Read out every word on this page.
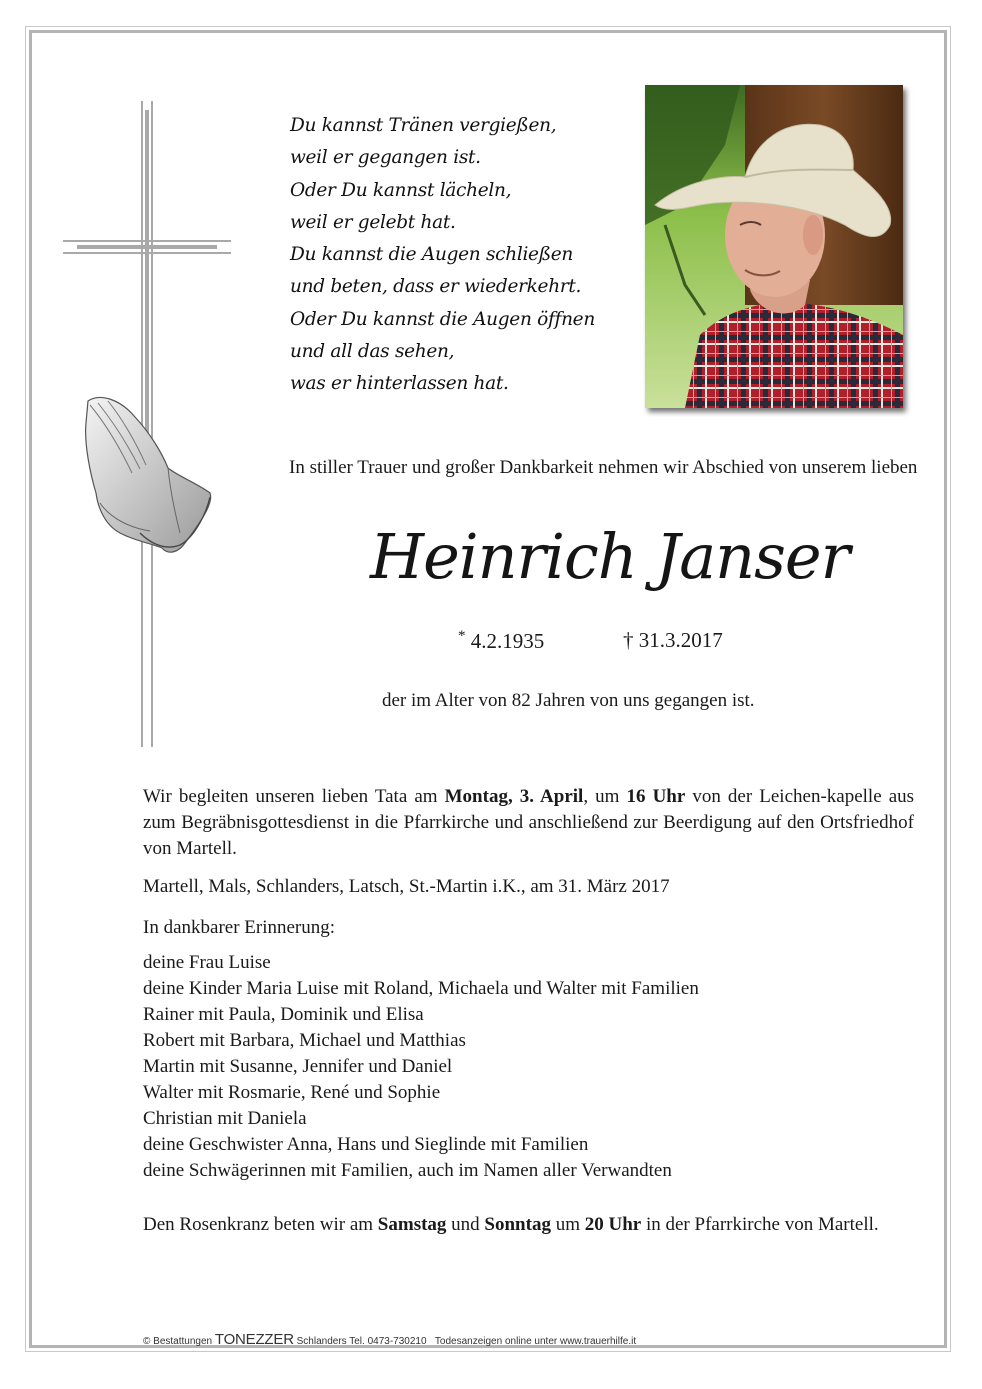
Du kannst Tränen vergießen,
weil er gegangen ist.
Oder Du kannst lächeln,
weil er gelebt hat.
Du kannst die Augen schließen
und beten, dass er wiederkehrt.
Oder Du kannst die Augen öffnen
und all das sehen,
was er hinterlassen hat.
In stiller Trauer und großer Dankbarkeit nehmen wir Abschied von unserem lieben
Heinrich Janser
* 4.2.1935	† 31.3.2017
der im Alter von 82 Jahren von uns gegangen ist.
Wir begleiten unseren lieben Tata am Montag, 3. April, um 16 Uhr von der Leichen-kapelle aus zum Begräbnisgottesdienst in die Pfarrkirche und anschließend zur Beerdigung auf den Ortsfriedhof von Martell.
Martell, Mals, Schlanders, Latsch, St.-Martin i.K., am 31. März 2017
In dankbarer Erinnerung:
deine Frau Luise
deine Kinder Maria Luise mit Roland, Michaela und Walter mit Familien
Rainer mit Paula, Dominik und Elisa
Robert mit Barbara, Michael und Matthias
Martin mit Susanne, Jennifer und Daniel
Walter mit Rosmarie, René und Sophie
Christian mit Daniela
deine Geschwister Anna, Hans und Sieglinde mit Familien
deine Schwägerinnen mit Familien, auch im Namen aller Verwandten
Den Rosenkranz beten wir am Samstag und Sonntag um 20 Uhr in der Pfarrkirche von Martell.
© Bestattungen TONEZZER Schlanders Tel. 0473-730210 Todesanzeigen online unter www.trauerhilfe.it
